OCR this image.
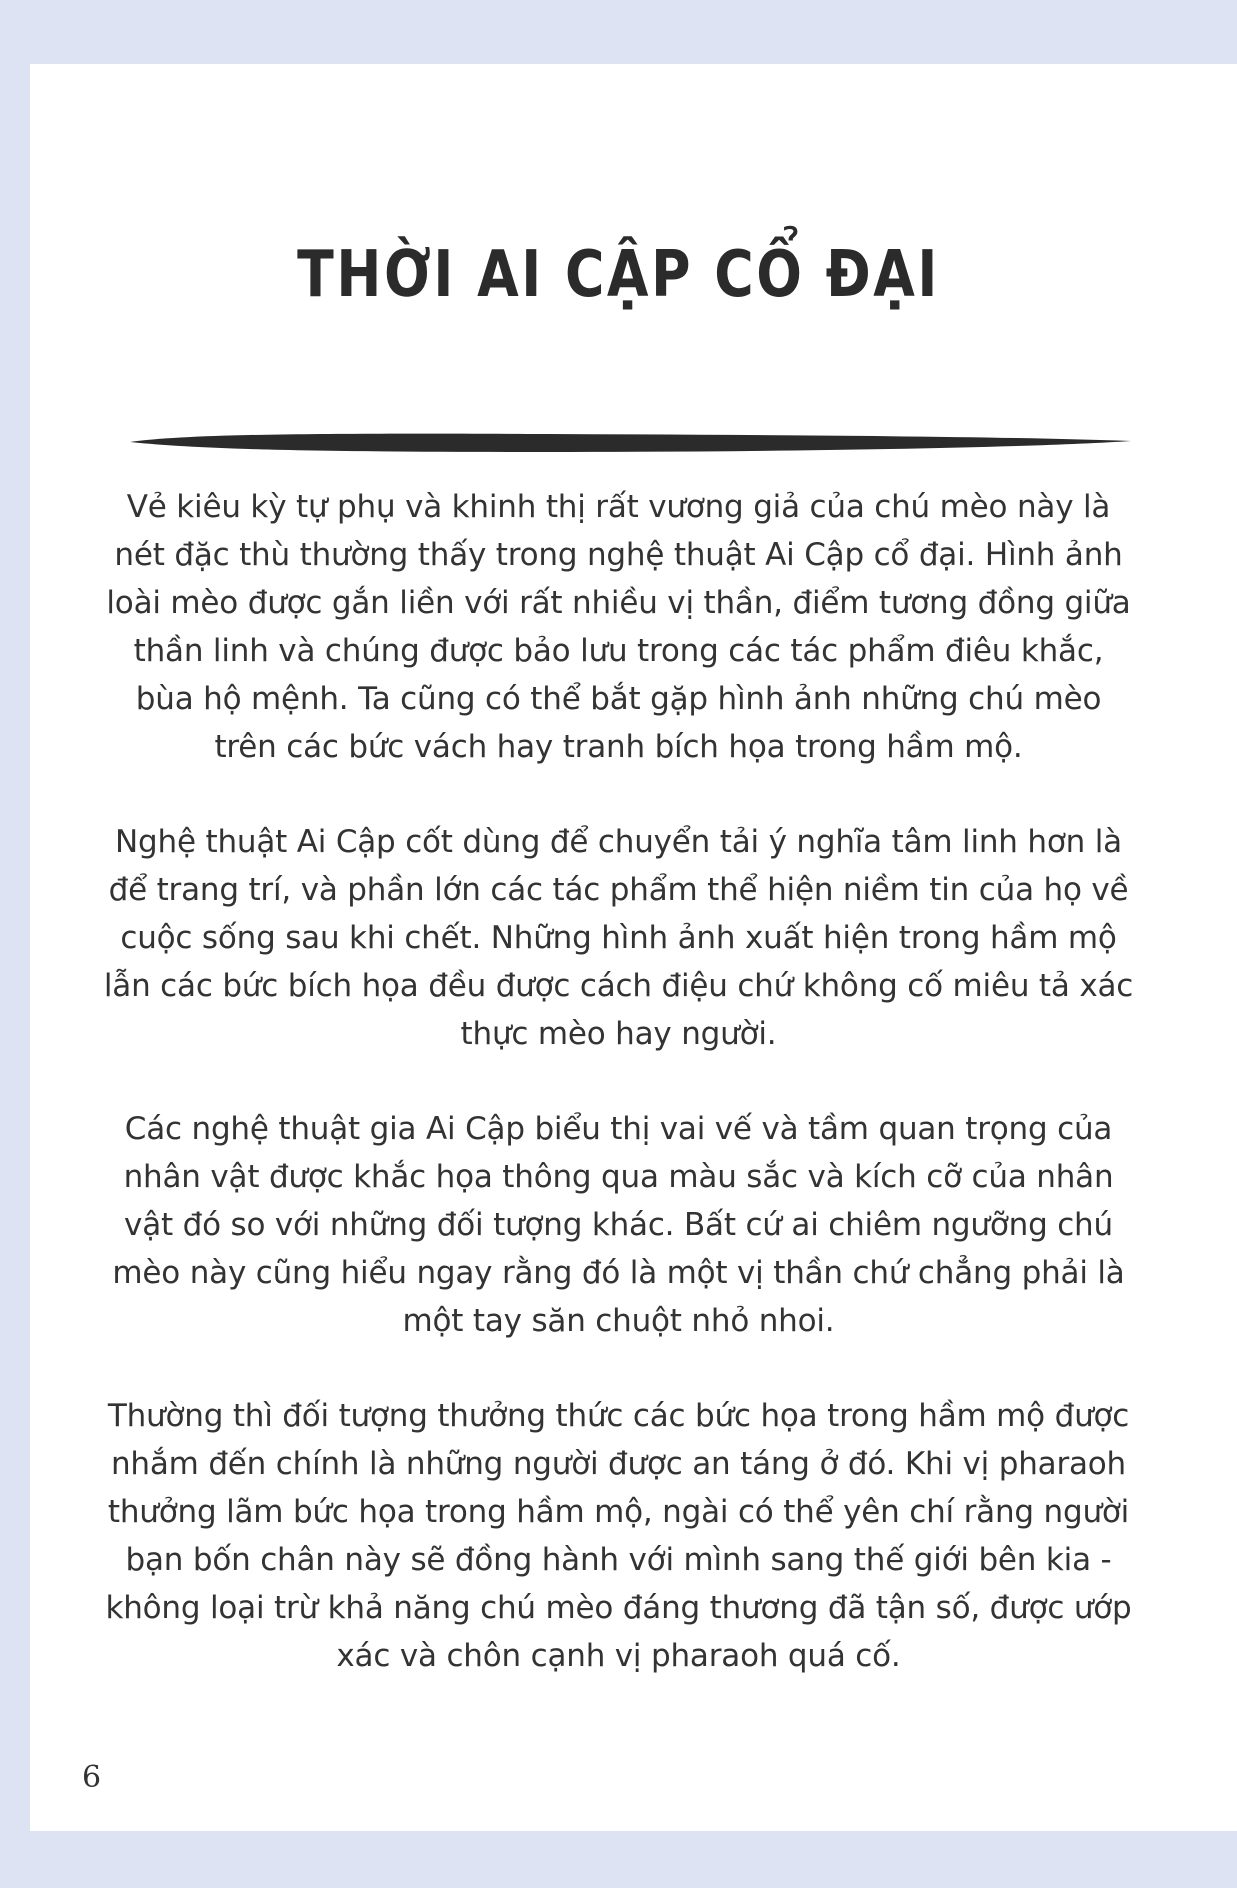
THỜI AI CẬP CỔ ĐẠI

Vẻ kiêu kỳ tự phụ và khinh thị rất vương giả của chú mèo này là nét đặc thù thường thấy trong nghệ thuật Ai Cập cổ đại. Hình ảnh loài mèo được gắn liền với rất nhiều vị thần, điểm tương đồng giữa thần linh và chúng được bảo lưu trong các tác phẩm điêu khắc, bùa hộ mệnh. Ta cũng có thể bắt gặp hình ảnh những chú mèo trên các bức vách hay tranh bích họa trong hầm mộ.

Nghệ thuật Ai Cập cốt dùng để chuyển tải ý nghĩa tâm linh hơn là để trang trí, và phần lớn các tác phẩm thể hiện niềm tin của họ về cuộc sống sau khi chết. Những hình ảnh xuất hiện trong hầm mộ lẫn các bức bích họa đều được cách điệu chứ không cố miêu tả xác thực mèo hay người.

Các nghệ thuật gia Ai Cập biểu thị vai vế và tầm quan trọng của nhân vật được khắc họa thông qua màu sắc và kích cỡ của nhân vật đó so với những đối tượng khác. Bất cứ ai chiêm ngưỡng chú mèo này cũng hiểu ngay rằng đó là một vị thần chứ chẳng phải là một tay săn chuột nhỏ nhoi.

Thường thì đối tượng thưởng thức các bức họa trong hầm mộ được nhắm đến chính là những người được an táng ở đó. Khi vị pharaoh thưởng lãm bức họa trong hầm mộ, ngài có thể yên chí rằng người bạn bốn chân này sẽ đồng hành với mình sang thế giới bên kia - không loại trừ khả năng chú mèo đáng thương đã tận số, được ướp xác và chôn cạnh vị pharaoh quá cố.

6
